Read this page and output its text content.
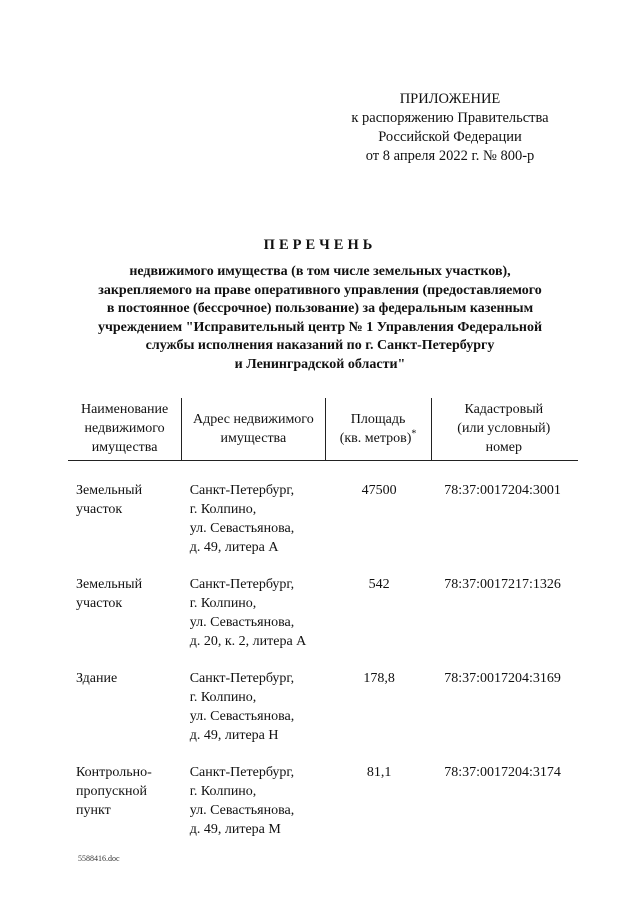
ПРИЛОЖЕНИЕ
к распоряжению Правительства
Российской Федерации
от 8 апреля 2022 г. № 800-р
ПЕРЕЧЕНЬ
недвижимого имущества (в том числе земельных участков),
закрепляемого на праве оперативного управления (предоставляемого
в постоянное (бессрочное) пользование) за федеральным казенным
учреждением "Исправительный центр № 1 Управления Федеральной
службы исполнения наказаний по г. Санкт-Петербургу
и Ленинградской области"
Наименование
недвижимого
имущества	Адрес недвижимого
имущества	Площадь
(кв. метров)*	Кадастровый
(или условный)
номер

Земельный
участок	Санкт-Петербург,
г. Колпино,
ул. Севастьянова,
д. 49, литера А	47500	78:37:0017204:3001

Земельный
участок	Санкт-Петербург,
г. Колпино,
ул. Севастьянова,
д. 20, к. 2, литера А	542	78:37:0017217:1326

Здание	Санкт-Петербург,
г. Колпино,
ул. Севастьянова,
д. 49, литера Н	178,8	78:37:0017204:3169

Контрольно-
пропускной
пункт	Санкт-Петербург,
г. Колпино,
ул. Севастьянова,
д. 49, литера М	81,1	78:37:0017204:3174
5588416.doc
